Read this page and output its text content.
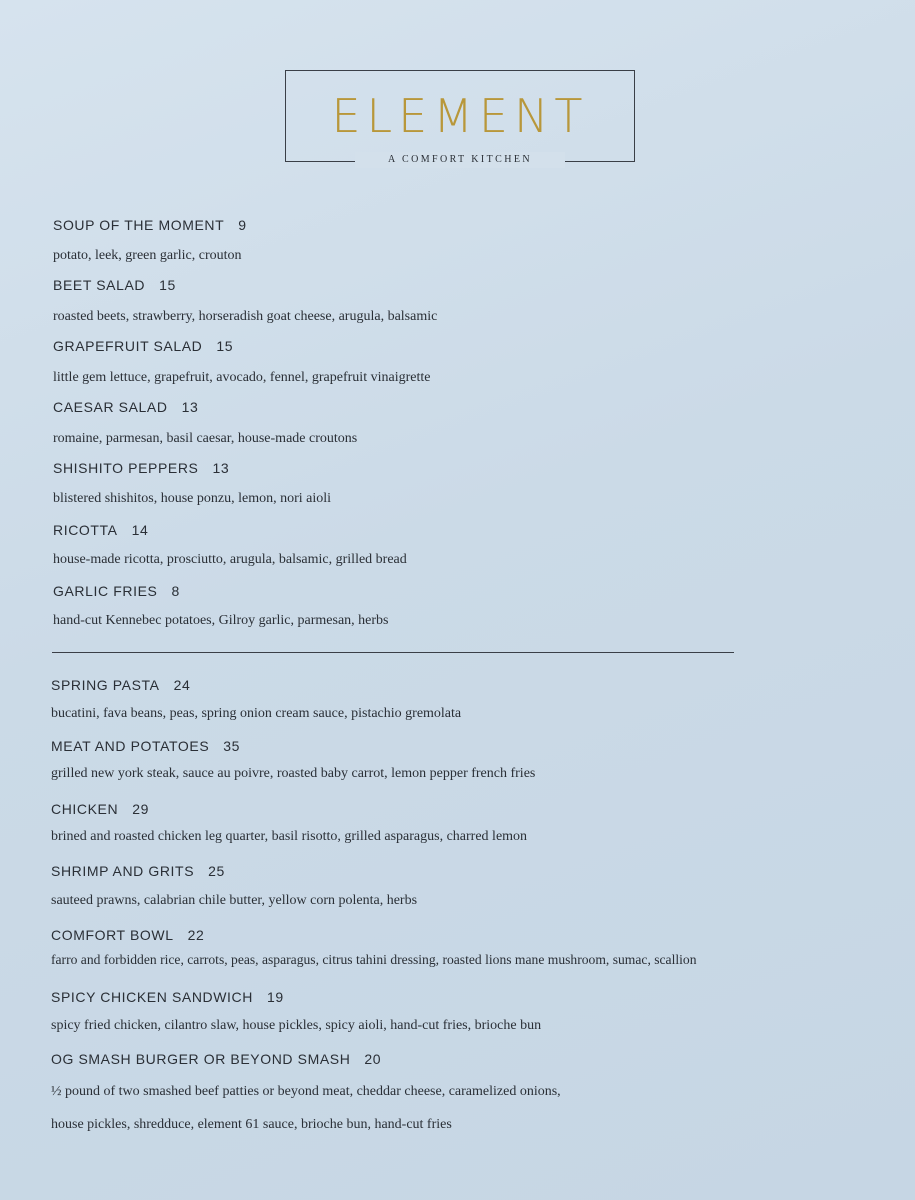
ELEMENT
A COMFORT KITCHEN
SOUP OF THE MOMENT 9
potato, leek, green garlic, crouton
BEET SALAD 15
roasted beets, strawberry, horseradish goat cheese, arugula, balsamic
GRAPEFRUIT SALAD 15
little gem lettuce, grapefruit, avocado, fennel, grapefruit vinaigrette
CAESAR SALAD 13
romaine, parmesan, basil caesar, house-made croutons
SHISHITO PEPPERS 13
blistered shishitos, house ponzu, lemon, nori aioli
RICOTTA 14
house-made ricotta, prosciutto, arugula, balsamic, grilled bread
GARLIC FRIES 8
hand-cut Kennebec potatoes, Gilroy garlic, parmesan, herbs
SPRING PASTA 24
bucatini, fava beans, peas, spring onion cream sauce, pistachio gremolata
MEAT AND POTATOES 35
grilled new york steak, sauce au poivre, roasted baby carrot, lemon pepper french fries
CHICKEN 29
brined and roasted chicken leg quarter, basil risotto, grilled asparagus, charred lemon
SHRIMP AND GRITS 25
sauteed prawns, calabrian chile butter, yellow corn polenta, herbs
COMFORT BOWL 22
farro and forbidden rice, carrots, peas, asparagus, citrus tahini dressing, roasted lions mane mushroom, sumac, scallion
SPICY CHICKEN SANDWICH 19
spicy fried chicken, cilantro slaw, house pickles, spicy aioli, hand-cut fries, brioche bun
OG SMASH BURGER OR BEYOND SMASH 20
½ pound of two smashed beef patties or beyond meat, cheddar cheese, caramelized onions,
house pickles, shredduce, element 61 sauce, brioche bun, hand-cut fries
